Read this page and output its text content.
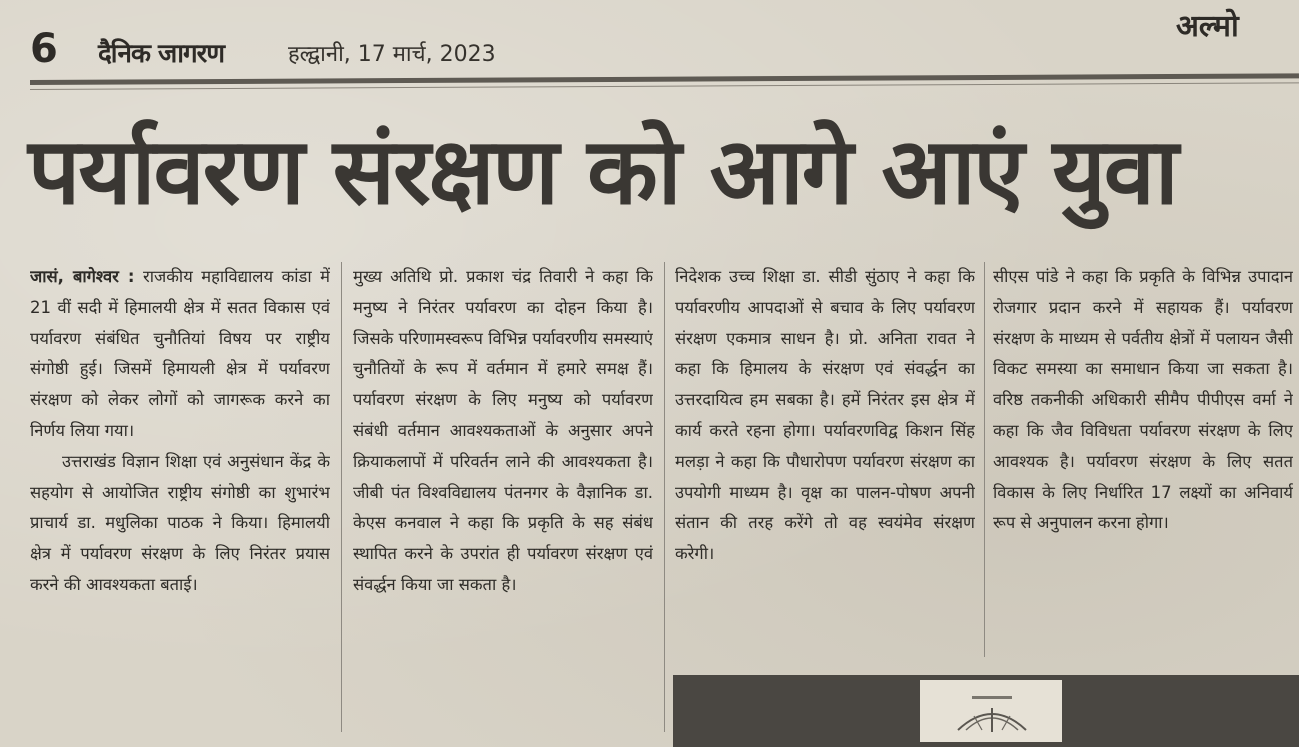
6 दैनिक जागरण	हल्द्वानी, 17 मार्च, 2023
अल्मो
पर्यावरण संरक्षण को आगे आएं युवा

जासं, बागेश्वर : राजकीय महाविद्यालय कांडा में 21 वीं सदी में हिमालयी क्षेत्र में सतत विकास एवं पर्यावरण संबंधित चुनौतियां विषय पर राष्ट्रीय संगोष्ठी हुई। जिसमें हिमायली क्षेत्र में पर्यावरण संरक्षण को लेकर लोगों को जागरूक करने का निर्णय लिया गया।

उत्तराखंड विज्ञान शिक्षा एवं अनुसंधान केंद्र के सहयोग से आयोजित राष्ट्रीय संगोष्ठी का शुभारंभ प्राचार्य डा. मधुलिका पाठक ने किया। हिमालयी क्षेत्र में पर्यावरण संरक्षण के लिए निरंतर प्रयास करने की आवश्यकता बताई।

मुख्य अतिथि प्रो. प्रकाश चंद्र तिवारी ने कहा कि मनुष्य ने निरंतर पर्यावरण का दोहन किया है। जिसके परिणामस्वरूप विभिन्न पर्यावरणीय समस्याएं चुनौतियों के रूप में वर्तमान में हमारे समक्ष हैं। पर्यावरण संरक्षण के लिए मनुष्य को पर्यावरण संबंधी वर्तमान आवश्यकताओं के अनुसार अपने क्रियाकलापों में परिवर्तन लाने की आवश्यकता है। जीबी पंत विश्वविद्यालय पंतनगर के वैज्ञानिक डा. केएस कनवाल ने कहा कि प्रकृति के सह संबंध स्थापित करने के उपरांत ही पर्यावरण संरक्षण एवं संवर्द्धन किया जा सकता है।

निदेशक उच्च शिक्षा डा. सीडी सुंठाए ने कहा कि पर्यावरणीय आपदाओं से बचाव के लिए पर्यावरण संरक्षण एकमात्र साधन है। प्रो. अनिता रावत ने कहा कि हिमालय के संरक्षण एवं संवर्द्धन का उत्तरदायित्व हम सबका है। हमें निरंतर इस क्षेत्र में कार्य करते रहना होगा। पर्यावरणविद्व किशन सिंह मलड़ा ने कहा कि पौधारोपण पर्यावरण संरक्षण का उपयोगी माध्यम है। वृक्ष का पालन-पोषण अपनी संतान की तरह करेंगे तो वह स्वयंमेव संरक्षण करेगी।

सीएस पांडे ने कहा कि प्रकृति के विभिन्न उपादान रोजगार प्रदान करने में सहायक हैं। पर्यावरण संरक्षण के माध्यम से पर्वतीय क्षेत्रों में पलायन जैसी विकट समस्या का समाधान किया जा सकता है। वरिष्ठ तकनीकी अधिकारी सीमैप पीपीएस वर्मा ने कहा कि जैव विविधता पर्यावरण संरक्षण के लिए आवश्यक है। पर्यावरण संरक्षण के लिए सतत विकास के लिए निर्धारित 17 लक्ष्यों का अनिवार्य रूप से अनुपालन करना होगा।
